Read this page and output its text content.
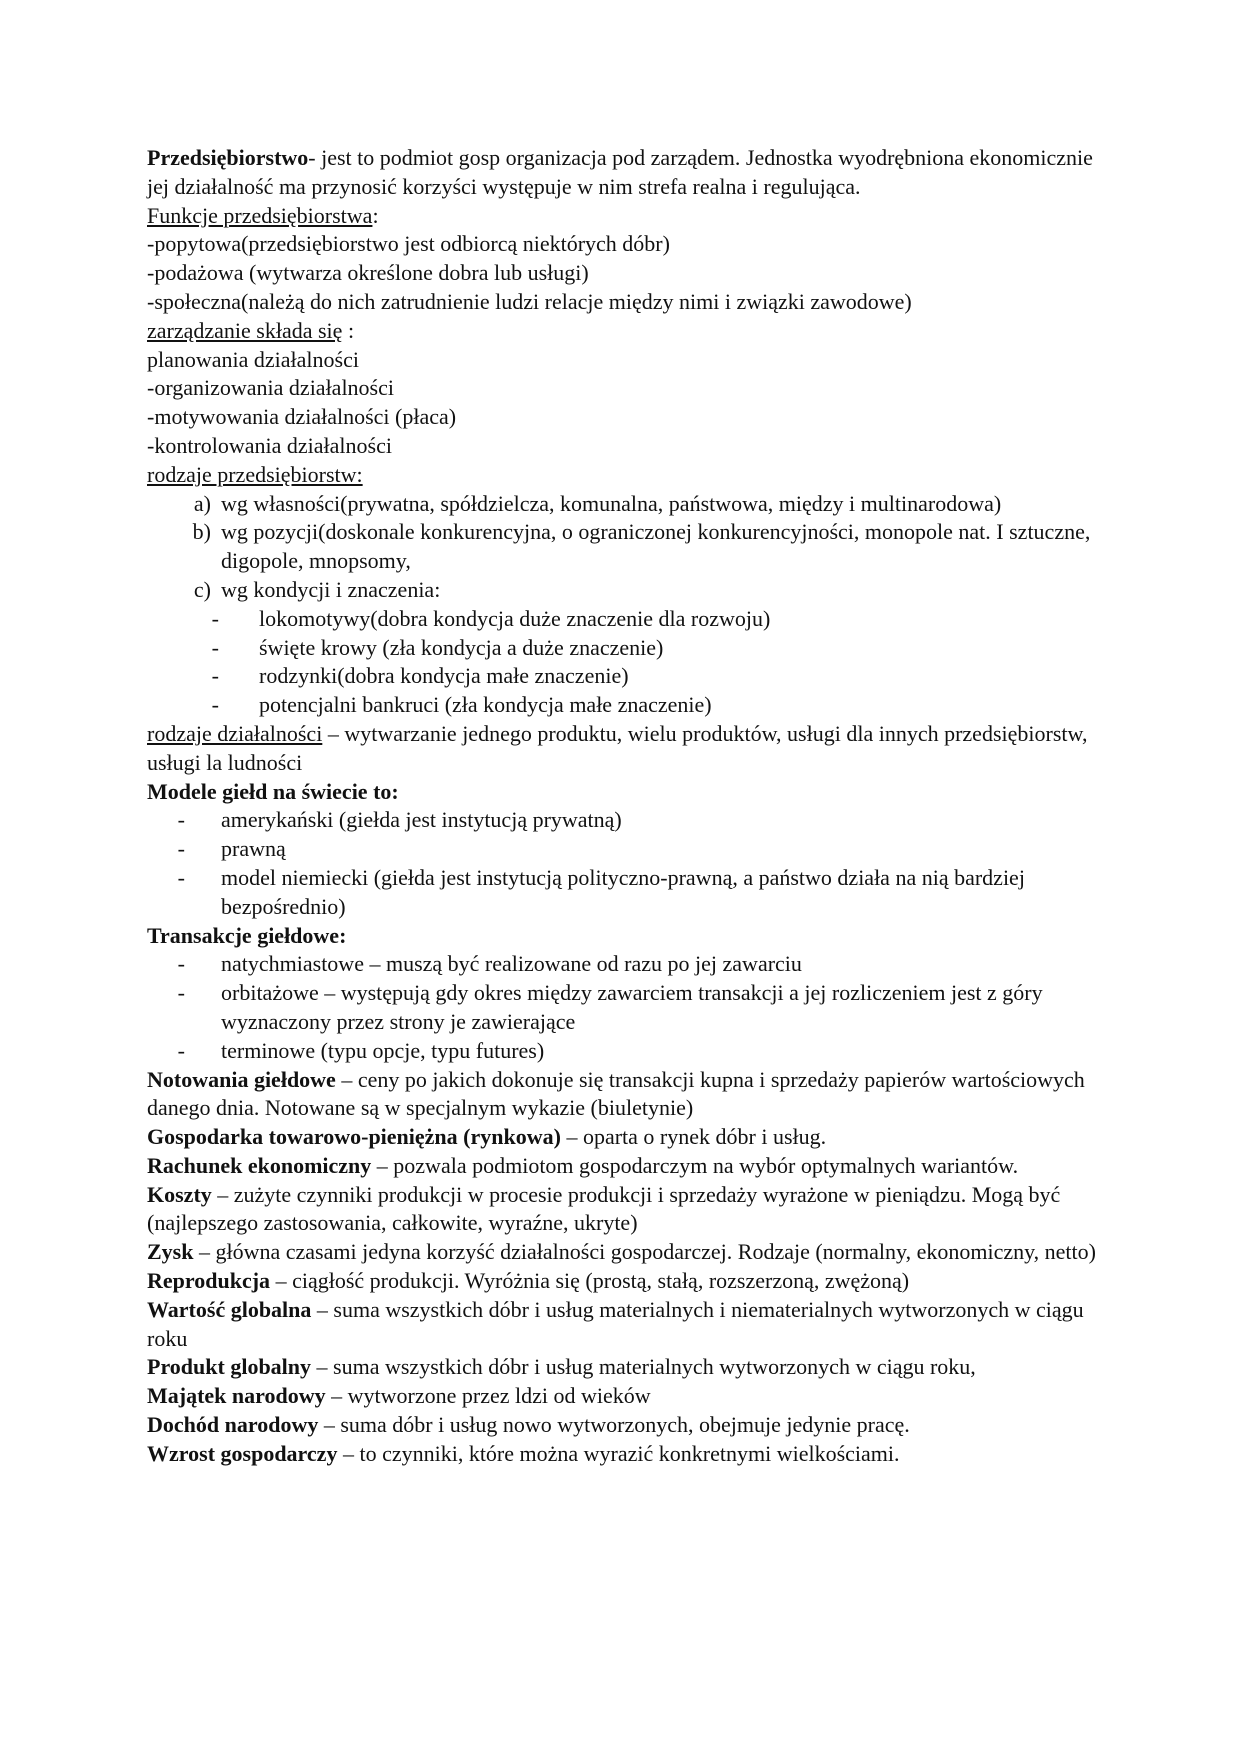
Przedsiębiorstwo- jest to podmiot gosp organizacja pod zarządem. Jednostka wyodrębniona ekonomicznie jej działalność ma przynosić korzyści występuje w nim strefa realna i regulująca.
Funkcje przedsiębiorstwa:
-popytowa(przedsiębiorstwo jest odbiorcą niektórych dóbr)
-podażowa (wytwarza określone dobra lub usługi)
-społeczna(należą do nich zatrudnienie ludzi relacje między nimi i związki zawodowe)
zarządzanie składa się :
planowania działalności
-organizowania działalności
-motywowania działalności (płaca)
-kontrolowania działalności
rodzaje przedsiębiorstw:
a) wg własności(prywatna, spółdzielcza, komunalna, państwowa, między i multinarodowa)
b) wg pozycji(doskonale konkurencyjna, o ograniczonej konkurencyjności, monopole nat. I sztuczne, digopole, mnopsomy,
c) wg kondycji i znaczenia:
-	lokomotywy(dobra kondycja duże znaczenie dla rozwoju)
-	święte krowy (zła kondycja a duże znaczenie)
-	rodzynki(dobra kondycja małe znaczenie)
-	potencjalni bankruci (zła kondycja małe znaczenie)
rodzaje działalności – wytwarzanie jednego produktu, wielu produktów, usługi dla innych przedsiębiorstw, usługi la ludności
Modele giełd na świecie to:
-	amerykański (giełda jest instytucją prywatną)
-	prawną
-	model niemiecki (giełda jest instytucją polityczno-prawną, a państwo działa na nią bardziej bezpośrednio)
Transakcje giełdowe:
-	natychmiastowe – muszą być realizowane od razu po jej zawarciu
-	orbitażowe – występują gdy okres między zawarciem transakcji a jej rozliczeniem jest z góry wyznaczony przez strony je zawierające
-	terminowe (typu opcje, typu futures)
Notowania giełdowe – ceny po jakich dokonuje się transakcji kupna i sprzedaży papierów wartościowych danego dnia. Notowane są w specjalnym wykazie (biuletynie)
Gospodarka towarowo-pieniężna (rynkowa) – oparta o rynek dóbr i usług.
Rachunek ekonomiczny – pozwala podmiotom gospodarczym na wybór optymalnych wariantów.
Koszty – zużyte czynniki produkcji w procesie produkcji i sprzedaży wyrażone w pieniądzu. Mogą być (najlepszego zastosowania, całkowite, wyraźne, ukryte)
Zysk – główna czasami jedyna korzyść działalności gospodarczej. Rodzaje (normalny, ekonomiczny, netto)
Reprodukcja – ciągłość produkcji. Wyróżnia się (prostą, stałą, rozszerzoną, zwężoną)
Wartość globalna – suma wszystkich dóbr i usług materialnych i niematerialnych wytworzonych w ciągu roku
Produkt globalny – suma wszystkich dóbr i usług materialnych wytworzonych w ciągu roku,
Majątek narodowy – wytworzone przez ldzi od wieków
Dochód narodowy – suma dóbr i usług nowo wytworzonych, obejmuje jedynie pracę.
Wzrost gospodarczy – to czynniki, które można wyrazić konkretnymi wielkościami.
